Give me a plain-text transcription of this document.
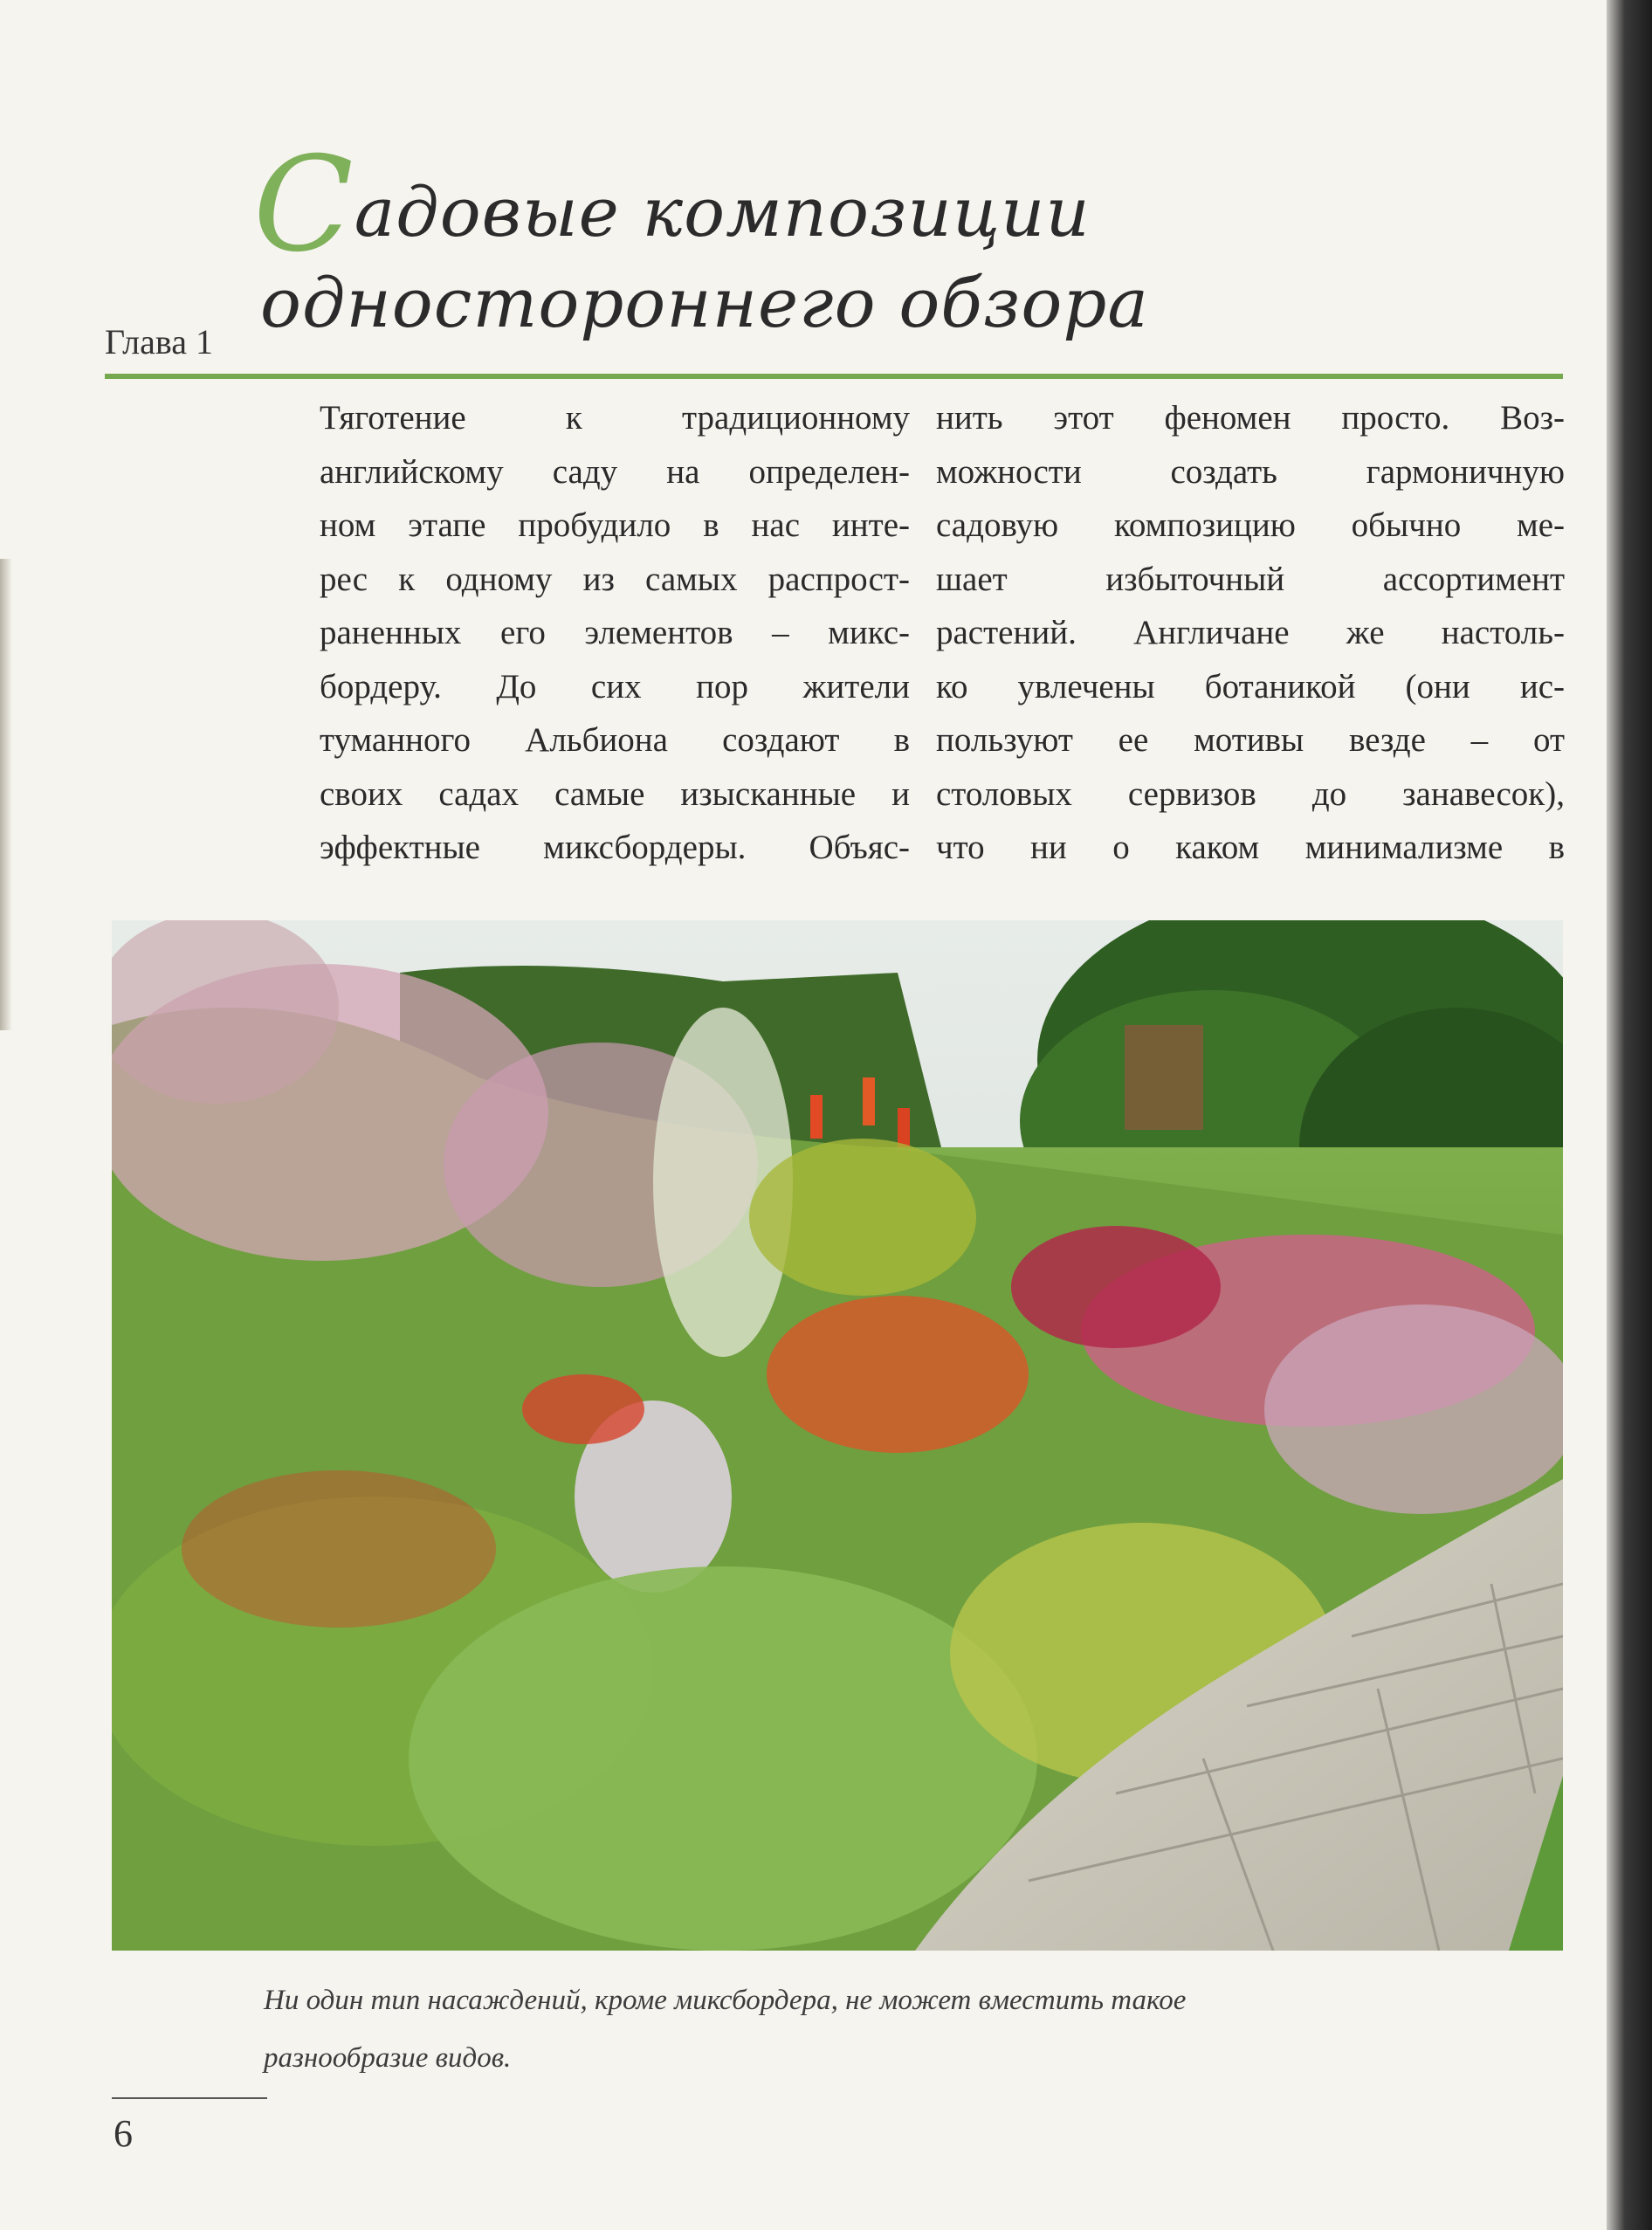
Садовые композиции
одностороннего обзора
Глава 1
Тяготение к традиционному
английскому саду на определен-
ном этапе пробудило в нас инте-
рес к одному из самых распрост-
раненных его элементов – микс-
бордеру. До сих пор жители
туманного Альбиона создают в
своих садах самые изысканные и
эффектные миксбордеры. Объяс-
нить этот феномен просто. Воз-
можности создать гармоничную
садовую композицию обычно ме-
шает избыточный ассортимент
растений. Англичане же настоль-
ко увлечены ботаникой (они ис-
пользуют ее мотивы везде – от
столовых сервизов до занавесок),
что ни о каком минимализме в
Ни один тип насаждений, кроме миксбордера, не может вместить такое
разнообразие видов.
6
